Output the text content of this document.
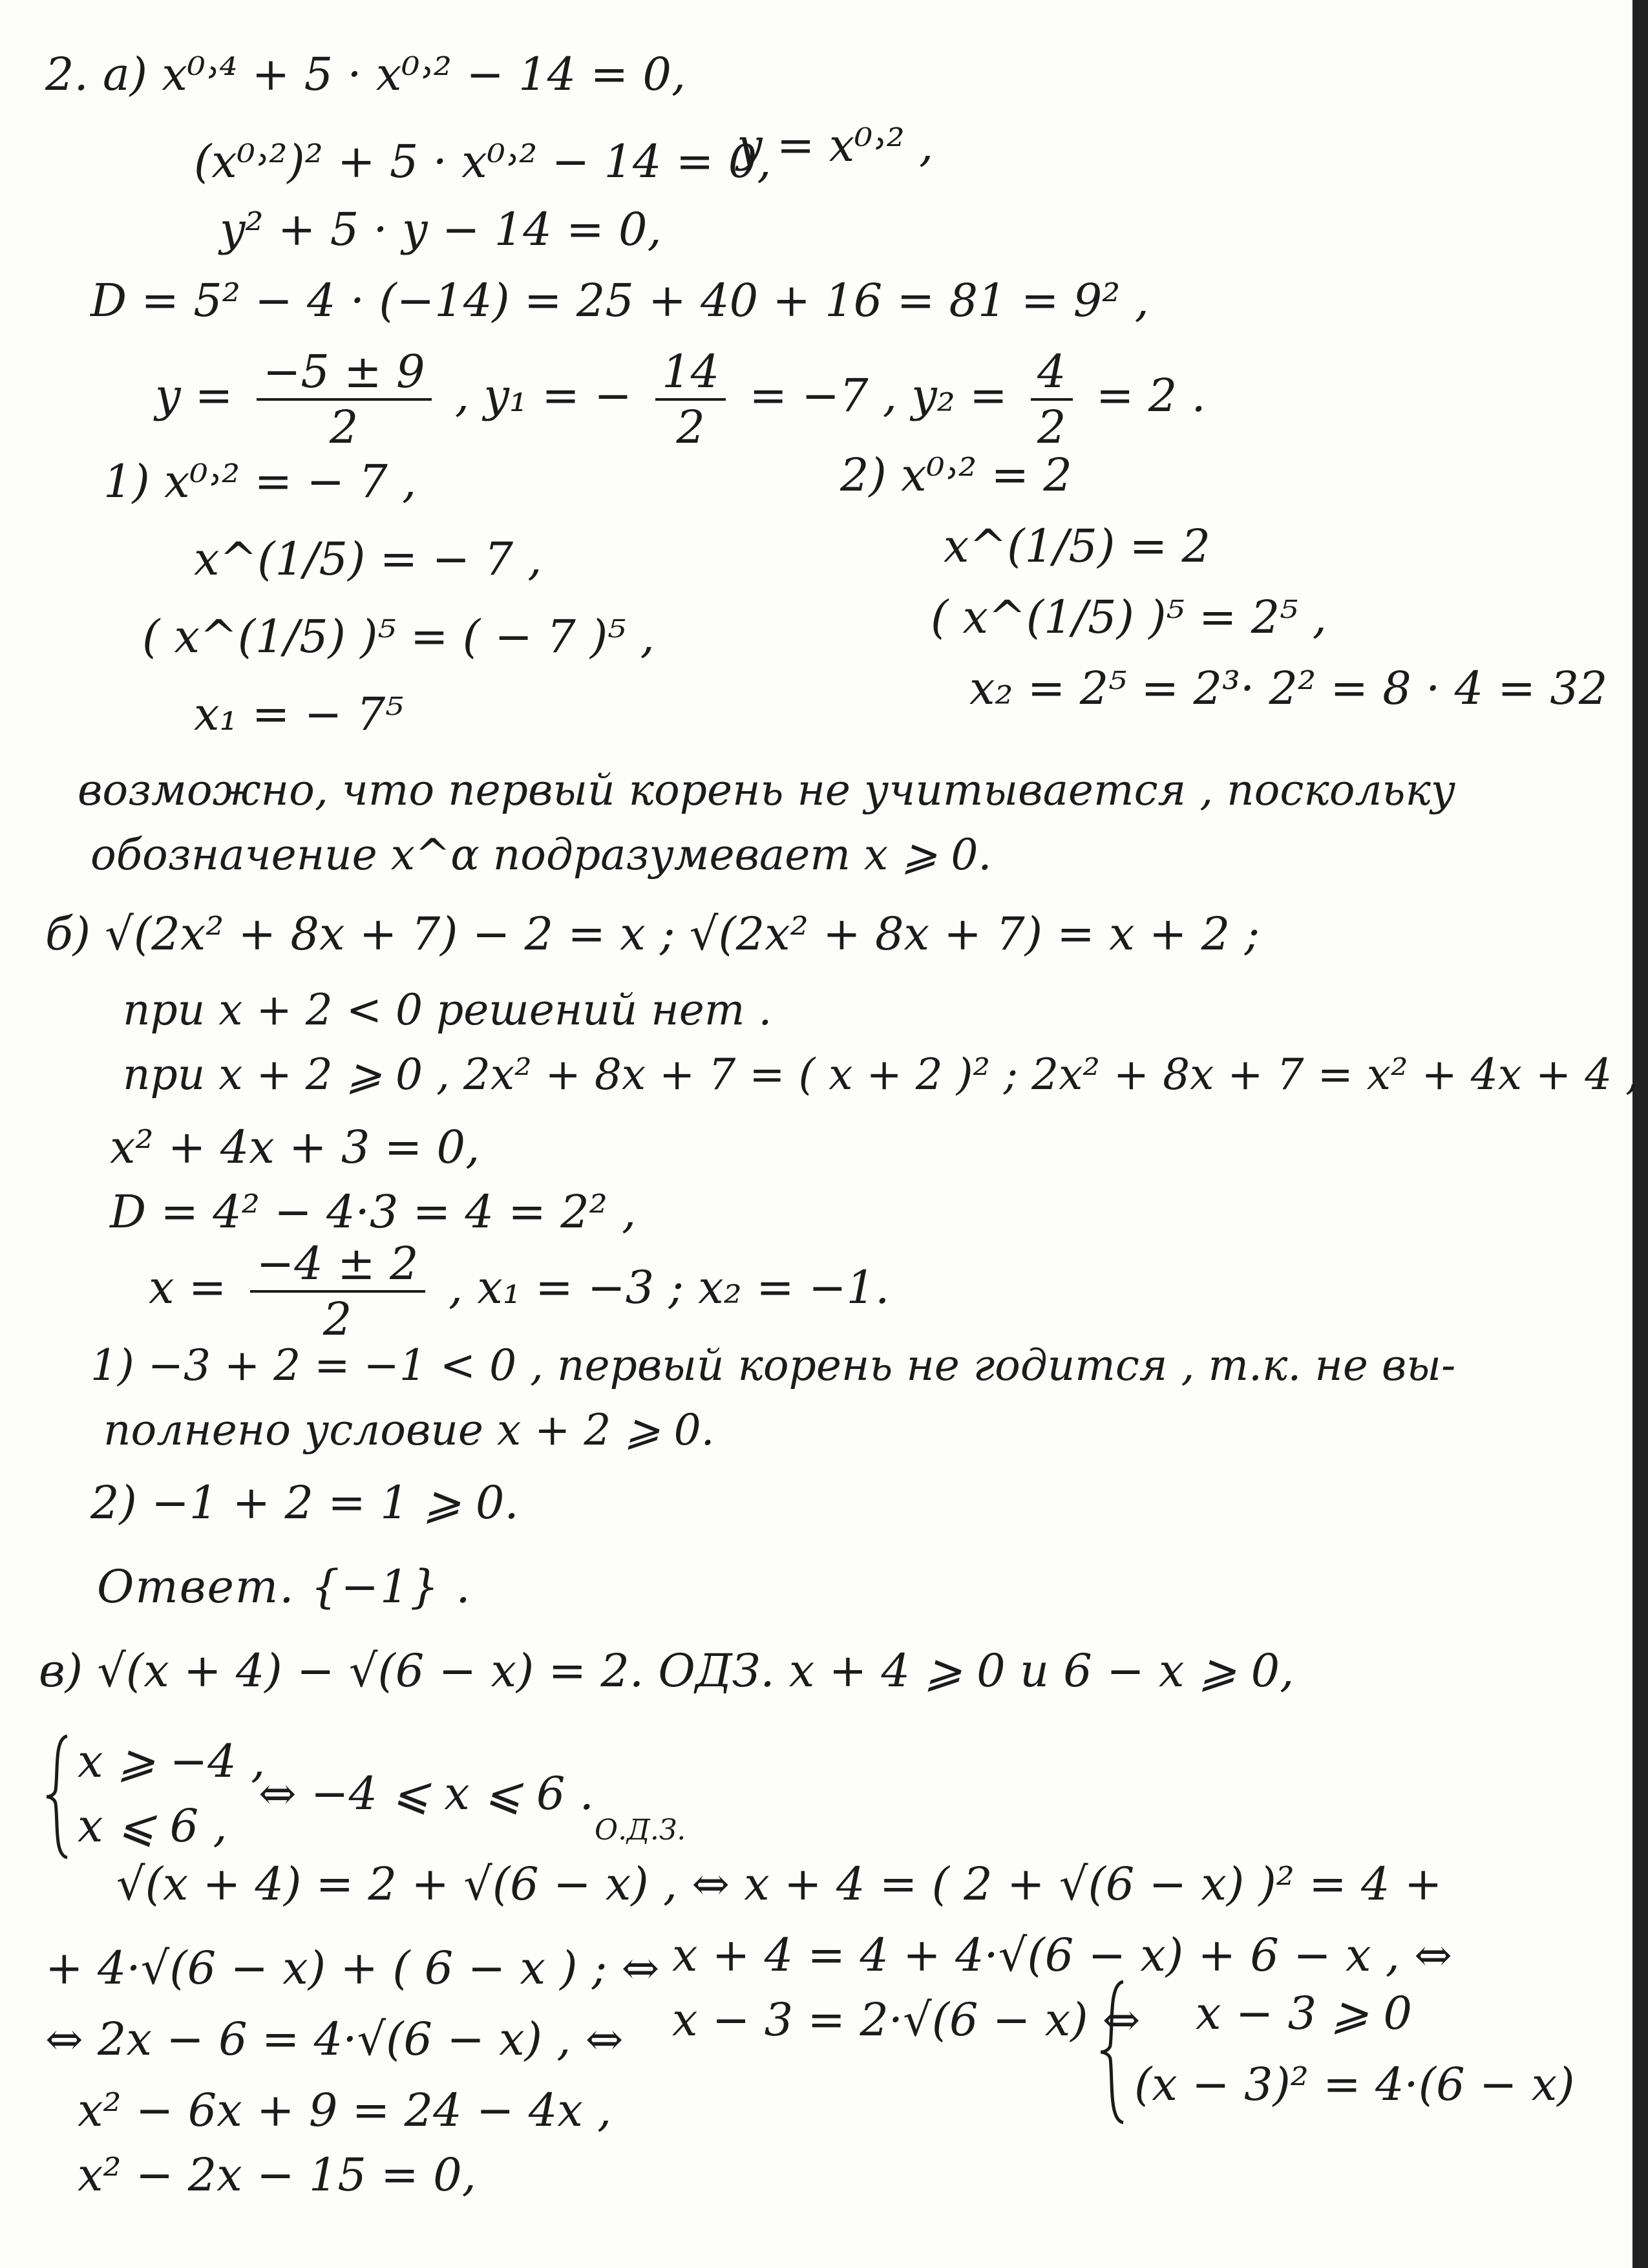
2. а) x⁰˒⁴ + 5 · x⁰˒² − 14 = 0,
(x⁰˒²)² + 5 · x⁰˒² − 14 = 0,
y = x⁰˒² ,
y² + 5 · y − 14 = 0,
D = 5² − 4 · (−14) = 25 + 40 + 16 = 81 = 9² ,
$y = \frac{-5 \pm 9}{2}$ , y₁ = − $\frac{14}{2} = -7$ , $y_2 = \frac{4}{2} = 2$ .
1) x⁰˒² = − 7 ,
x^(1/5) = − 7 ,
( x^(1/5) )⁵ = ( − 7 )⁵ ,
x₁ = − 7⁵
2) x⁰˒² = 2
x^(1/5) = 2
( x^(1/5) )⁵ = 2⁵ ,
x₂ = 2⁵ = 2³· 2² = 8 · 4 = 32
возможно, что первый корень не учитывается , поскольку
обозначение x^α подразумевает x ⩾ 0.
б) √(2x² + 8x + 7) − 2 = x ; √(2x² + 8x + 7) = x + 2 ;
при x + 2 < 0 решений нет .
при x + 2 ⩾ 0 , 2x² + 8x + 7 = ( x + 2 )² ; 2x² + 8x + 7 = x² + 4x + 4 ,
x² + 4x + 3 = 0,
D = 4² − 4·3 = 4 = 2² ,
$x = \frac{-4 \pm 2}{2}$ , x₁ = −3 ; x₂ = −1.
1) −3 + 2 = −1 < 0 , первый корень не годится , т.к. не вы-
полнено условие x + 2 ⩾ 0.
2) −1 + 2 = 1 ⩾ 0.
Ответ. {−1} .
в) √(x + 4) − √(6 − x) = 2. ОДЗ. x + 4 ⩾ 0 и 6 − x ⩾ 0,
x ⩾ −4 ,
x ⩽ 6 ,
⇔ −4 ⩽ x ⩽ 6 .
О.Д.З.
√(x + 4) = 2 + √(6 − x) , ⇔ x + 4 = ( 2 + √(6 − x) )² = 4 +
+ 4·√(6 − x) + ( 6 − x ) ; ⇔ x + 4 = 4 + 4·√(6 − x) + 6 − x , ⇔
⇔ 2x − 6 = 4·√(6 − x) , ⇔ x − 3 = 2·√(6 − x) ⇔ x − 3 ⩾ 0
(x − 3)² = 4·(6 − x)
x² − 6x + 9 = 24 − 4x ,
x² − 2x − 15 = 0,
